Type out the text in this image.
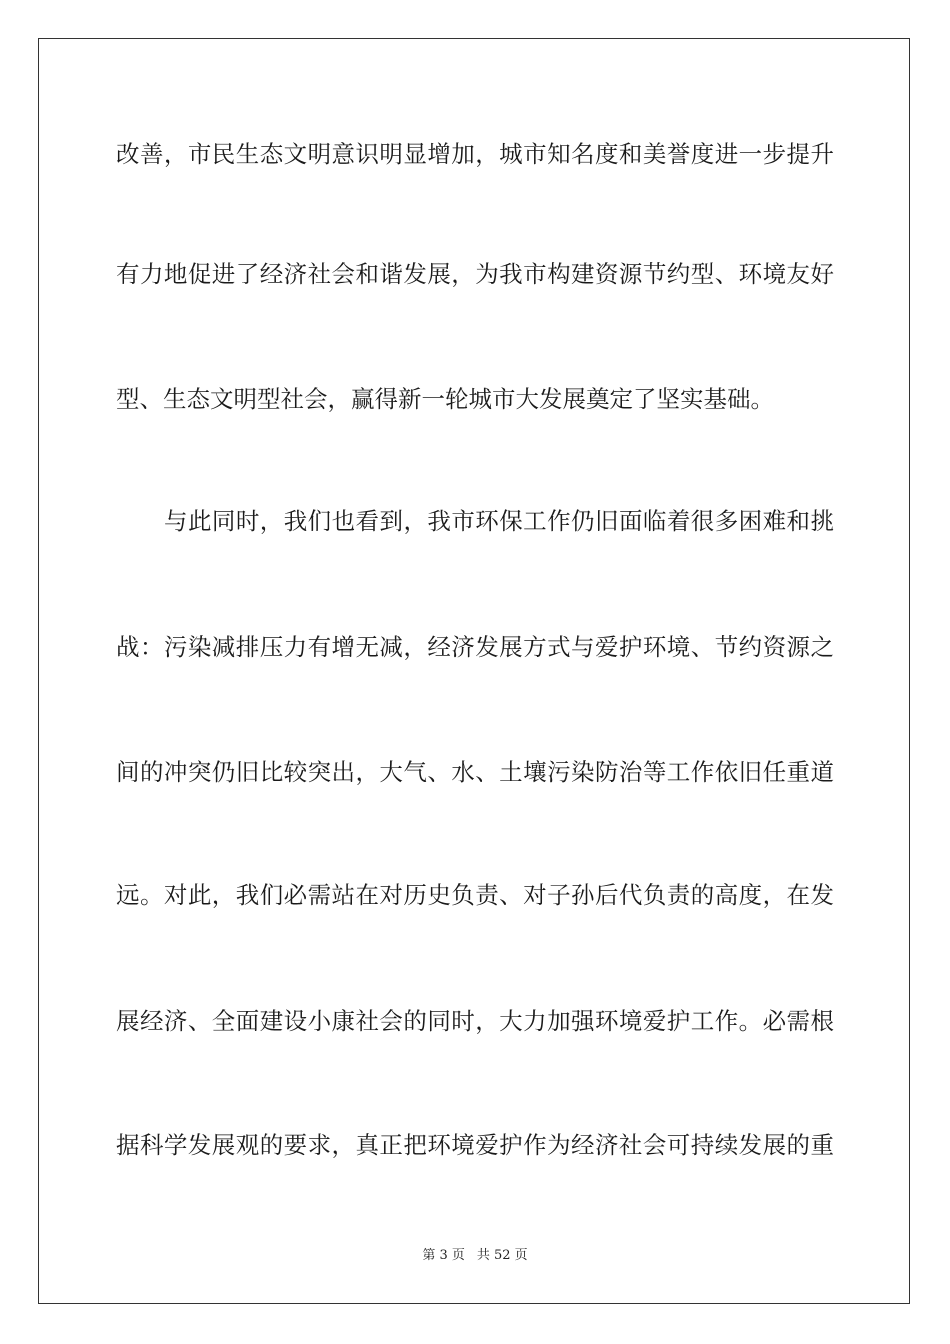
改善，市民生态文明意识明显增加，城市知名度和美誉度进一步提升
有力地促进了经济社会和谐发展，为我市构建资源节约型、环境友好
型、生态文明型社会，赢得新一轮城市大发展奠定了坚实基础。
与此同时，我们也看到，我市环保工作仍旧面临着很多困难和挑
战：污染减排压力有增无减，经济发展方式与爱护环境、节约资源之
间的冲突仍旧比较突出，大气、水、土壤污染防治等工作依旧任重道
远。对此，我们必需站在对历史负责、对子孙后代负责的高度，在发
展经济、全面建设小康社会的同时，大力加强环境爱护工作。必需根
据科学发展观的要求，真正把环境爱护作为经济社会可持续发展的重
第 3 页 共 52 页
